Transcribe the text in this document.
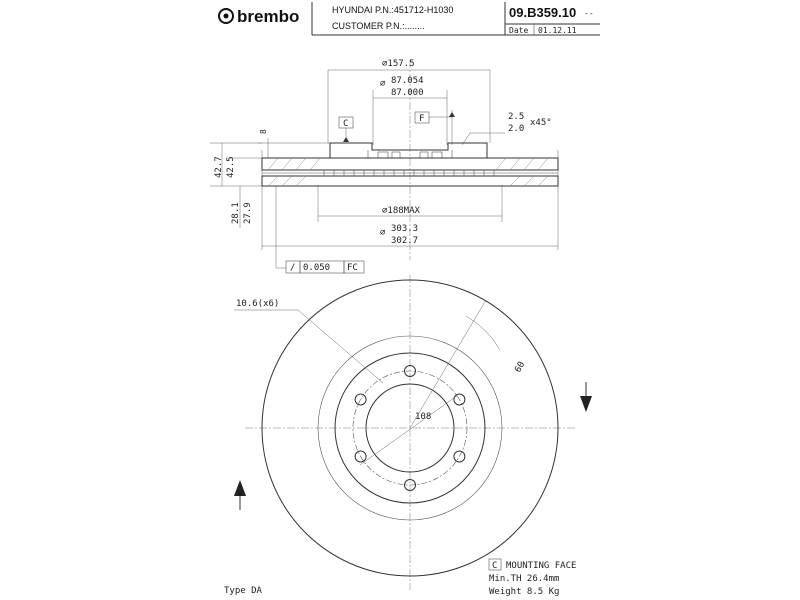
brembo	HYUNDAI P.N.:451712-H1030
CUSTOMER P.N.:........
09.B359.10 --
Date 01.12.11
⌀157.5
⌀ 87.054
87.000
2.5
2.0
x45°
F
C
8
42.7 42.5
28.1 27.9	⌀188MAX
⌀ 303.3
302.7
/ 0.050 FC
10.6(x6)
60
108
Type DA
C MOUNTING FACE
Min.TH 26.4mm
Weight 8.5 Kg
